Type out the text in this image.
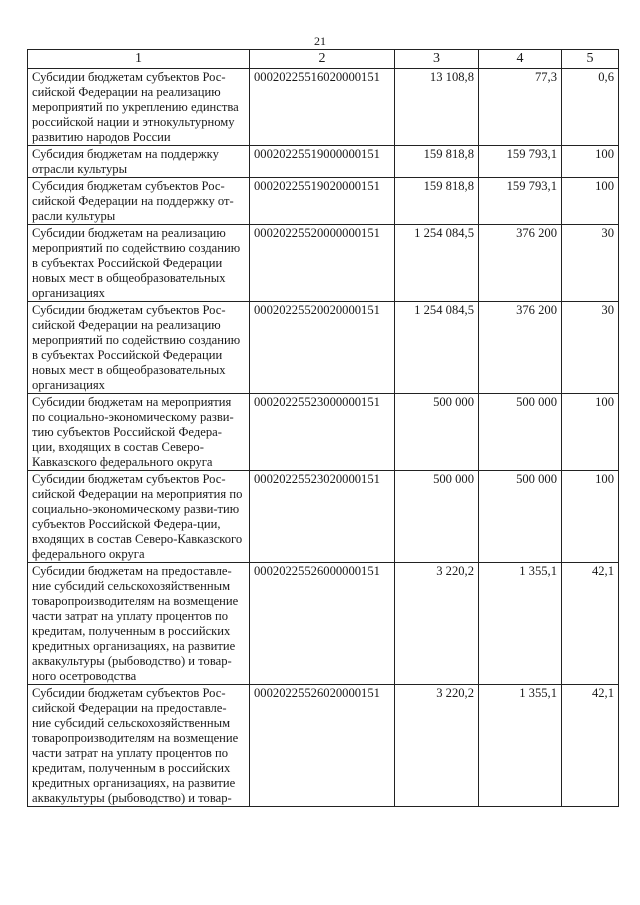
21
1	2	3	4	5
Субсидии бюджетам субъектов Рос-сийской Федерации на реализацию мероприятий по укреплению единства российской нации и этнокультурному развитию народов России	00020225516020000151	13 108,8	77,3	0,6
Субсидия бюджетам на поддержку отрасли культуры	00020225519000000151	159 818,8	159 793,1	100
Субсидия бюджетам субъектов Рос-сийской Федерации на поддержку от-расли культуры	00020225519020000151	159 818,8	159 793,1	100
Субсидии бюджетам на реализацию мероприятий по содействию созданию в субъектах Российской Федерации новых мест в общеобразовательных организациях	00020225520000000151	1 254 084,5	376 200	30
Субсидии бюджетам субъектов Рос-сийской Федерации на реализацию мероприятий по содействию созданию в субъектах Российской Федерации новых мест в общеобразовательных организациях	00020225520020000151	1 254 084,5	376 200	30
Субсидии бюджетам на мероприятия по социально-экономическому разви-тию субъектов Российской Федера-ции, входящих в состав Северо-Кавказского федерального округа	00020225523000000151	500 000	500 000	100
Субсидии бюджетам субъектов Рос-сийской Федерации на мероприятия по социально-экономическому разви-тию субъектов Российской Федера-ции, входящих в состав Северо-Кавказского федерального округа	00020225523020000151	500 000	500 000	100
Субсидии бюджетам на предоставле-ние субсидий сельскохозяйственным товаропроизводителям на возмещение части затрат на уплату процентов по кредитам, полученным в российских кредитных организациях, на развитие аквакультуры (рыбоводство) и товар-ного осетроводства	00020225526000000151	3 220,2	1 355,1	42,1
Субсидии бюджетам субъектов Рос-сийской Федерации на предоставле-ние субсидий сельскохозяйственным товаропроизводителям на возмещение части затрат на уплату процентов по кредитам, полученным в российских кредитных организациях, на развитие аквакультуры (рыбоводство) и товар-	00020225526020000151	3 220,2	1 355,1	42,1
